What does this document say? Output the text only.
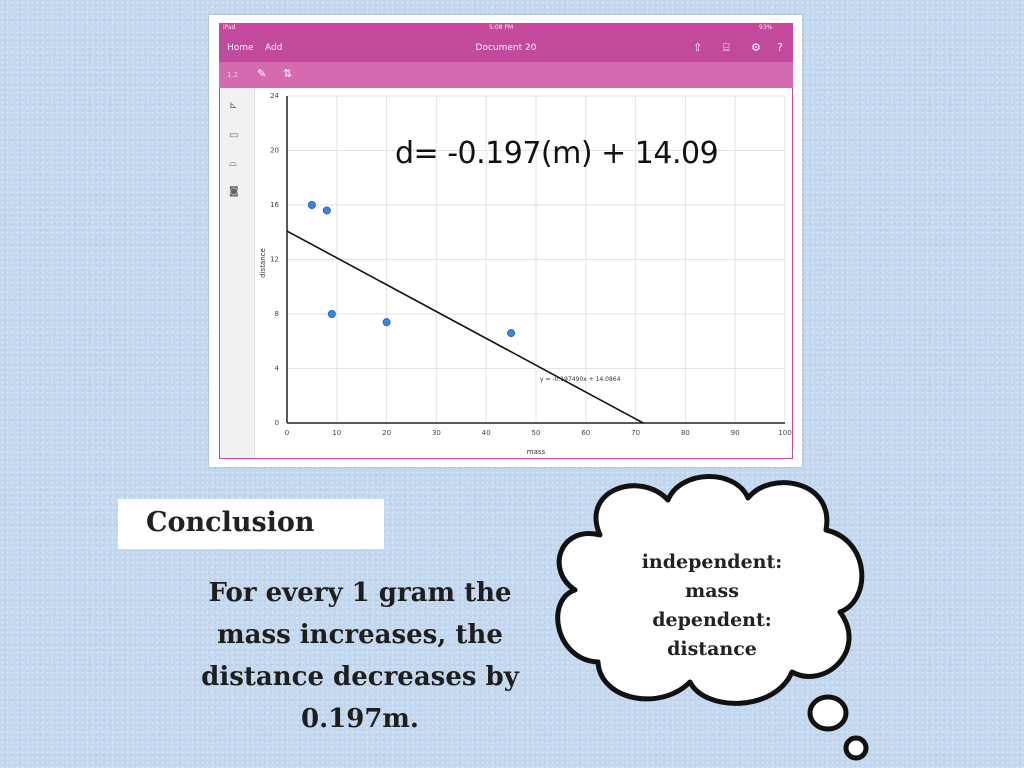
iPad	5:08 PM	93%
Home Add	Document 20	⇧ ⌸ ⚙ ?
1.2 ✎ ⇅
⊾
▭
⌓
◙
0	10	20	30	40	50	60	70	80	90	100
0
4
8
12
16
20
24
mass
distance
y = -0.197490x + 14.0864
d= -0.197(m) + 14.09
Conclusion
For every 1 gram the
mass increases, the
distance decreases by
0.197m.
independent:
mass
dependent:
distance
